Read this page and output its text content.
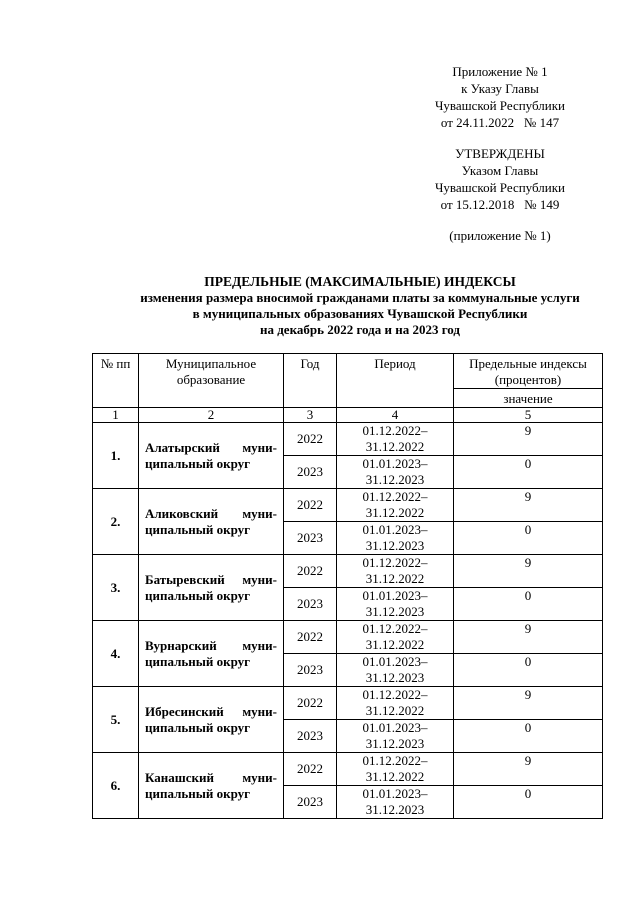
Приложение № 1
к Указу Главы
Чувашской Республики
от 24.11.2022   № 147
УТВЕРЖДЕНЫ
Указом Главы
Чувашской Республики
от 15.12.2018   № 149
(приложение № 1)
ПРЕДЕЛЬНЫЕ (МАКСИМАЛЬНЫЕ) ИНДЕКСЫ
изменения размера вносимой гражданами платы за коммунальные услуги
в муниципальных образованиях Чувашской Республики
на декабрь 2022 года и на 2023 год
№ пп	Муниципальное образование	Год	Период	Предельные индексы (процентов)
				значение
1	2	3	4	5
1.	Алатырский муни-ципальный округ	2022	01.12.2022–31.12.2022	9
		2023	01.01.2023–31.12.2023	0
2.	Аликовский муни-ципальный округ	2022	01.12.2022–31.12.2022	9
		2023	01.01.2023–31.12.2023	0
3.	Батыревский муни-ципальный округ	2022	01.12.2022–31.12.2022	9
		2023	01.01.2023–31.12.2023	0
4.	Вурнарский муни-ципальный округ	2022	01.12.2022–31.12.2022	9
		2023	01.01.2023–31.12.2023	0
5.	Ибресинский муни-ципальный округ	2022	01.12.2022–31.12.2022	9
		2023	01.01.2023–31.12.2023	0
6.	Канашский муни-ципальный округ	2022	01.12.2022–31.12.2022	9
		2023	01.01.2023–31.12.2023	0
